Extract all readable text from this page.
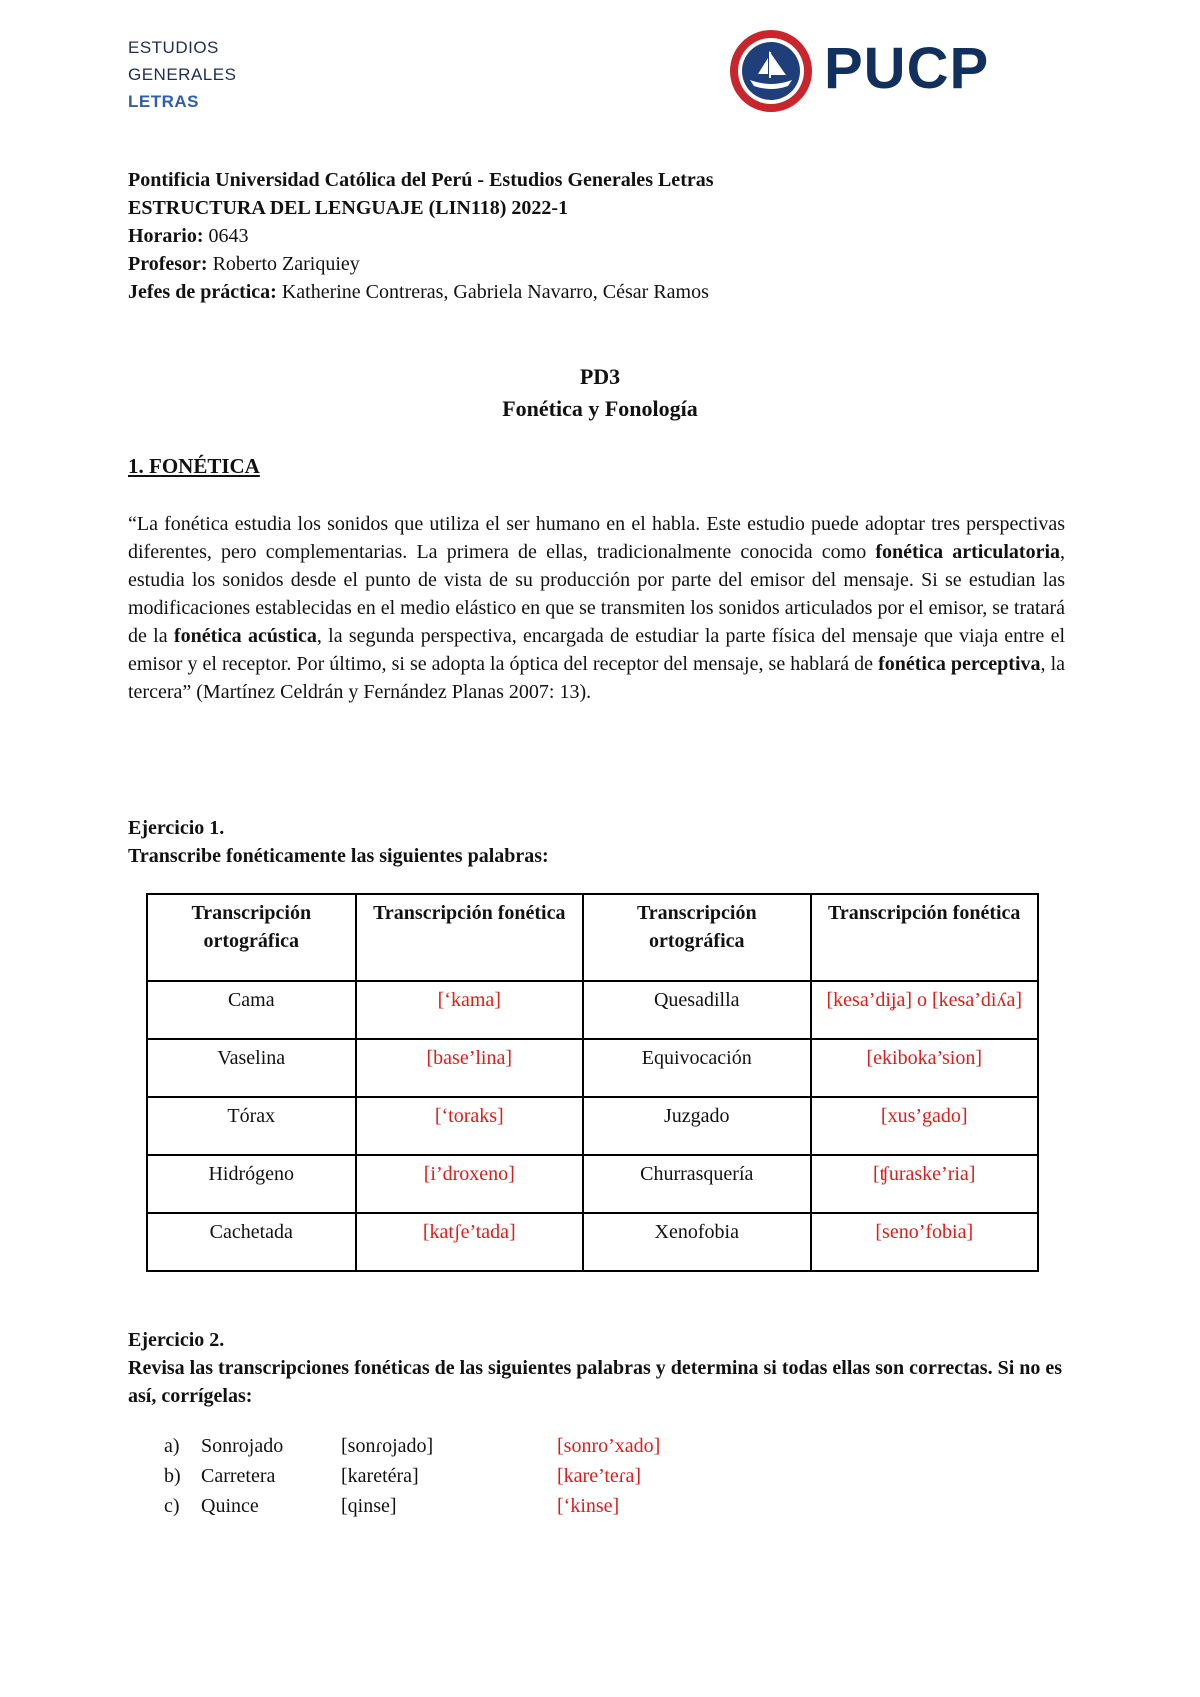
ESTUDIOS
GENERALES
LETRAS
PUCP
Pontificia Universidad Católica del Perú - Estudios Generales Letras
ESTRUCTURA DEL LENGUAJE (LIN118) 2022-1
Horario: 0643
Profesor: Roberto Zariquiey
Jefes de práctica: Katherine Contreras, Gabriela Navarro, César Ramos
PD3
Fonética y Fonología
1. FONÉTICA
“La fonética estudia los sonidos que utiliza el ser humano en el habla. Este estudio puede adoptar tres perspectivas diferentes, pero complementarias. La primera de ellas, tradicionalmente conocida como fonética articulatoria, estudia los sonidos desde el punto de vista de su producción por parte del emisor del mensaje. Si se estudian las modificaciones establecidas en el medio elástico en que se transmiten los sonidos articulados por el emisor, se tratará de la fonética acústica, la segunda perspectiva, encargada de estudiar la parte física del mensaje que viaja entre el emisor y el receptor. Por último, si se adopta la óptica del receptor del mensaje, se hablará de fonética perceptiva, la tercera” (Martínez Celdrán y Fernández Planas 2007: 13).
Ejercicio 1.
Transcribe fonéticamente las siguientes palabras:
Transcripción ortográfica	Transcripción fonética	Transcripción ortográfica	Transcripción fonética
Cama	[‘kama]	Quesadilla	[kesa’diʝa] o [kesa’diʎa]
Vaselina	[base’lina]	Equivocación	[ekiboka’sion]
Tórax	[‘toraks]	Juzgado	[xus’gado]
Hidrógeno	[i’droxeno]	Churrasquería	[ʧuraske’ria]
Cachetada	[katʃe’tada]	Xenofobia	[seno’fobia]
Ejercicio 2.
Revisa las transcripciones fonéticas de las siguientes palabras y determina si todas ellas son correctas. Si no es así, corrígelas:
a)	Sonrojado	[sonɾojado]	[sonro’xado]
b)	Carretera	[karetéra]	[kare’teɾa]
c)	Quince	[qinse]	[‘kinse]
